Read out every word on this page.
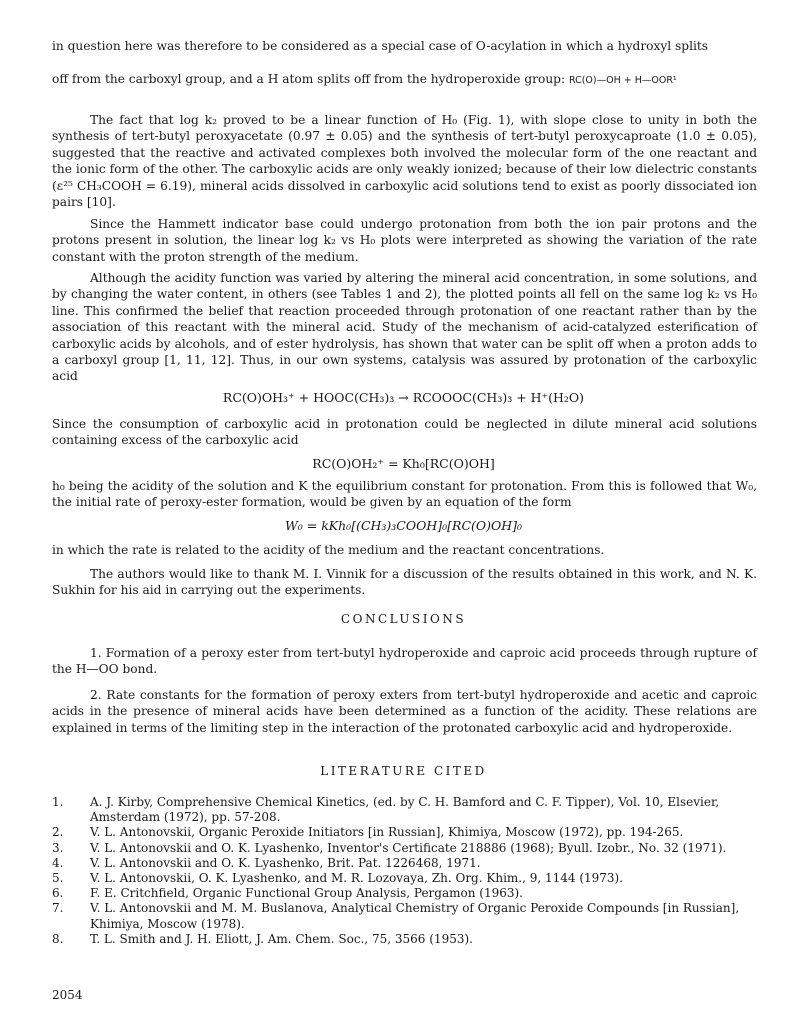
in question here was therefore to be considered as a special case of O-acylation in which a hydroxyl splits

off from the carboxyl group, and a H atom splits off from the hydroperoxide group: RC(O)—OH + H—OOR¹

The fact that log k₂ proved to be a linear function of H₀ (Fig. 1), with slope close to unity in both the synthesis of tert-butyl peroxyacetate (0.97 ± 0.05) and the synthesis of tert-butyl peroxycaproate (1.0 ± 0.05), suggested that the reactive and activated complexes both involved the molecular form of the one reactant and the ionic form of the other. The carboxylic acids are only weakly ionized; because of their low dielectric constants (ε²⁵ CH₃COOH = 6.19), mineral acids dissolved in carboxylic acid solutions tend to exist as poorly dissociated ion pairs [10].

Since the Hammett indicator base could undergo protonation from both the ion pair protons and the protons present in solution, the linear log k₂ vs H₀ plots were interpreted as showing the variation of the rate constant with the proton strength of the medium.

Although the acidity function was varied by altering the mineral acid concentration, in some solutions, and by changing the water content, in others (see Tables 1 and 2), the plotted points all fell on the same log k₂ vs H₀ line. This confirmed the belief that reaction proceeded through protonation of one reactant rather than by the association of this reactant with the mineral acid. Study of the mechanism of acid-catalyzed esterification of carboxylic acids by alcohols, and of ester hydrolysis, has shown that water can be split off when a proton adds to a carboxyl group [1, 11, 12]. Thus, in our own systems, catalysis was assured by protonation of the carboxylic acid

RC(O)OH₃⁺ + HOOC(CH₃)₃ → RCOOOC(CH₃)₃ + H⁺(H₂O)

Since the consumption of carboxylic acid in protonation could be neglected in dilute mineral acid solutions containing excess of the carboxylic acid

RC(O)OH₂⁺ = Kh₀[RC(O)OH]

h₀ being the acidity of the solution and K the equilibrium constant for protonation. From this is followed that W₀, the initial rate of peroxy-ester formation, would be given by an equation of the form

W₀ = kKh₀[(CH₃)₃COOH]₀[RC(O)OH]₀

in which the rate is related to the acidity of the medium and the reactant concentrations.

The authors would like to thank M. I. Vinnik for a discussion of the results obtained in this work, and N. K. Sukhin for his aid in carrying out the experiments.

CONCLUSIONS

1. Formation of a peroxy ester from tert-butyl hydroperoxide and caproic acid proceeds through rupture of the H—OO bond.

2. Rate constants for the formation of peroxy exters from tert-butyl hydroperoxide and acetic and caproic acids in the presence of mineral acids have been determined as a function of the acidity. These relations are explained in terms of the limiting step in the interaction of the protonated carboxylic acid and hydroperoxide.

LITERATURE CITED
1.	A. J. Kirby, Comprehensive Chemical Kinetics, (ed. by C. H. Bamford and C. F. Tipper), Vol. 10, Elsevier, Amsterdam (1972), pp. 57-208.
2.	V. L. Antonovskii, Organic Peroxide Initiators [in Russian], Khimiya, Moscow (1972), pp. 194-265.
3.	V. L. Antonovskii and O. K. Lyashenko, Inventor's Certificate 218886 (1968); Byull. Izobr., No. 32 (1971).
4.	V. L. Antonovskii and O. K. Lyashenko, Brit. Pat. 1226468, 1971.
5.	V. L. Antonovskii, O. K. Lyashenko, and M. R. Lozovaya, Zh. Org. Khim., 9, 1144 (1973).
6.	F. E. Critchfield, Organic Functional Group Analysis, Pergamon (1963).
7.	V. L. Antonovskii and M. M. Buslanova, Analytical Chemistry of Organic Peroxide Compounds [in Russian], Khimiya, Moscow (1978).
8.	T. L. Smith and J. H. Eliott, J. Am. Chem. Soc., 75, 3566 (1953).
2054
